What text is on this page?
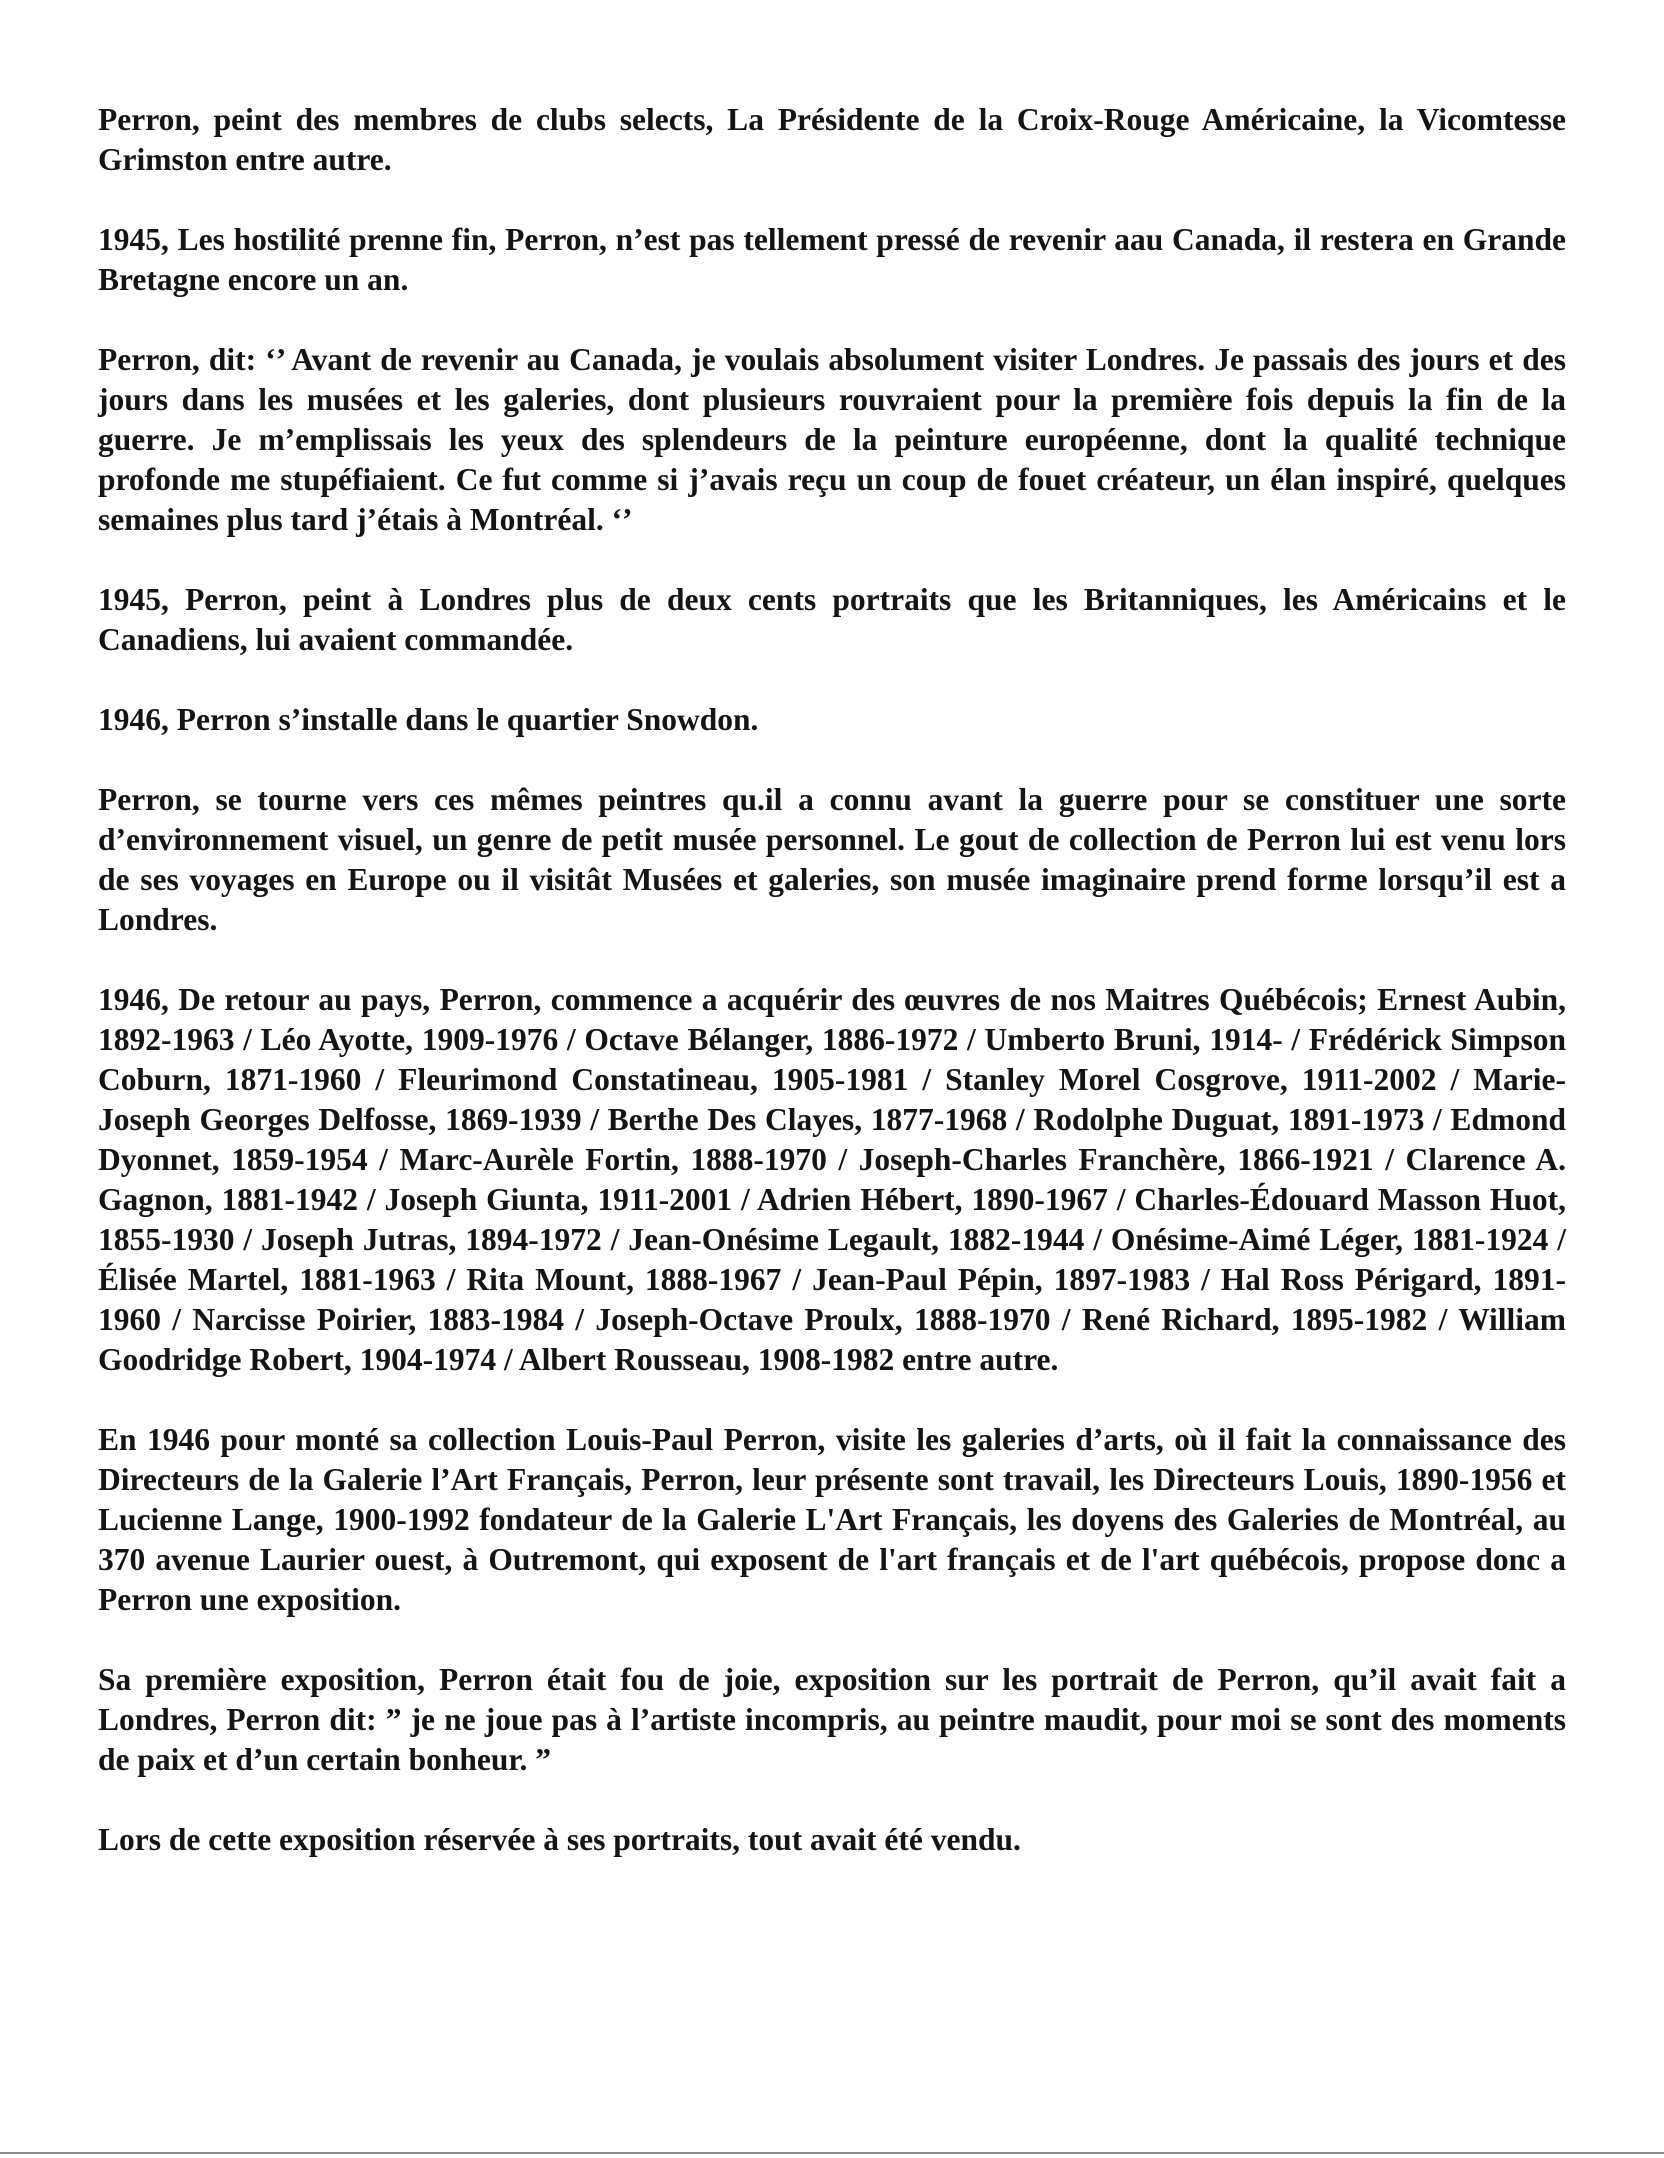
Perron, peint des membres de clubs selects, La Présidente de la Croix-Rouge Américaine, la Vicomtesse Grimston entre autre.

1945, Les hostilité prenne fin, Perron, n’est pas tellement pressé de revenir aau Canada, il restera en Grande Bretagne encore un an.

Perron, dit: ‘’ Avant de revenir au Canada, je voulais absolument visiter Londres. Je passais des jours et des jours dans les musées et les galeries, dont plusieurs rouvraient pour la première fois depuis la fin de la guerre. Je m’emplissais les yeux des splendeurs de la peinture européenne, dont la qualité technique profonde me stupéfiaient. Ce fut comme si j’avais reçu un coup de fouet créateur, un élan inspiré, quelques semaines plus tard j’étais à Montréal. ‘’

1945, Perron, peint à Londres plus de deux cents portraits que les Britanniques, les Américains et le Canadiens, lui avaient commandée.

1946, Perron s’installe dans le quartier Snowdon.

Perron, se tourne vers ces mêmes peintres qu.il a connu avant la guerre pour se constituer une sorte d’environnement visuel, un genre de petit musée personnel. Le gout de collection de Perron lui est venu lors de ses voyages en Europe ou il visitât Musées et galeries, son musée imaginaire prend forme lorsqu’il est a Londres.

1946, De retour au pays, Perron, commence a acquérir des œuvres de nos Maitres Québécois; Ernest Aubin, 1892-1963 / Léo Ayotte, 1909-1976 / Octave Bélanger, 1886-1972 / Umberto Bruni, 1914- / Frédérick Simpson Coburn, 1871-1960 / Fleurimond Constatineau, 1905-1981 / Stanley Morel Cosgrove, 1911-2002 / Marie-Joseph Georges Delfosse, 1869-1939 / Berthe Des Clayes, 1877-1968 / Rodolphe Duguat, 1891-1973 / Edmond Dyonnet, 1859-1954 / Marc-Aurèle Fortin, 1888-1970 / Joseph-Charles Franchère, 1866-1921 / Clarence A. Gagnon, 1881-1942 / Joseph Giunta, 1911-2001 / Adrien Hébert, 1890-1967 / Charles-Édouard Masson Huot, 1855-1930 / Joseph Jutras, 1894-1972 / Jean-Onésime Legault, 1882-1944 / Onésime-Aimé Léger, 1881-1924 / Élisée Martel, 1881-1963 / Rita Mount, 1888-1967 / Jean-Paul Pépin, 1897-1983 / Hal Ross Périgard, 1891-1960 / Narcisse Poirier, 1883-1984 / Joseph-Octave Proulx, 1888-1970 / René Richard, 1895-1982 / William Goodridge Robert, 1904-1974 / Albert Rousseau, 1908-1982 entre autre.

En 1946 pour monté sa collection Louis-Paul Perron, visite les galeries d’arts, où il fait la connaissance des Directeurs de la Galerie l’Art Français, Perron, leur présente sont travail, les Directeurs Louis, 1890-1956 et Lucienne Lange, 1900-1992 fondateur de la Galerie L'Art Français, les doyens des Galeries de Montréal, au 370 avenue Laurier ouest, à Outremont, qui exposent de l'art français et de l'art québécois, propose donc a Perron une exposition.

Sa première exposition, Perron était fou de joie, exposition sur les portrait de Perron, qu’il avait fait a Londres, Perron dit: ” je ne joue pas à l’artiste incompris, au peintre maudit, pour moi se sont des moments de paix et d’un certain bonheur. ”

Lors de cette exposition réservée à ses portraits, tout avait été vendu.
